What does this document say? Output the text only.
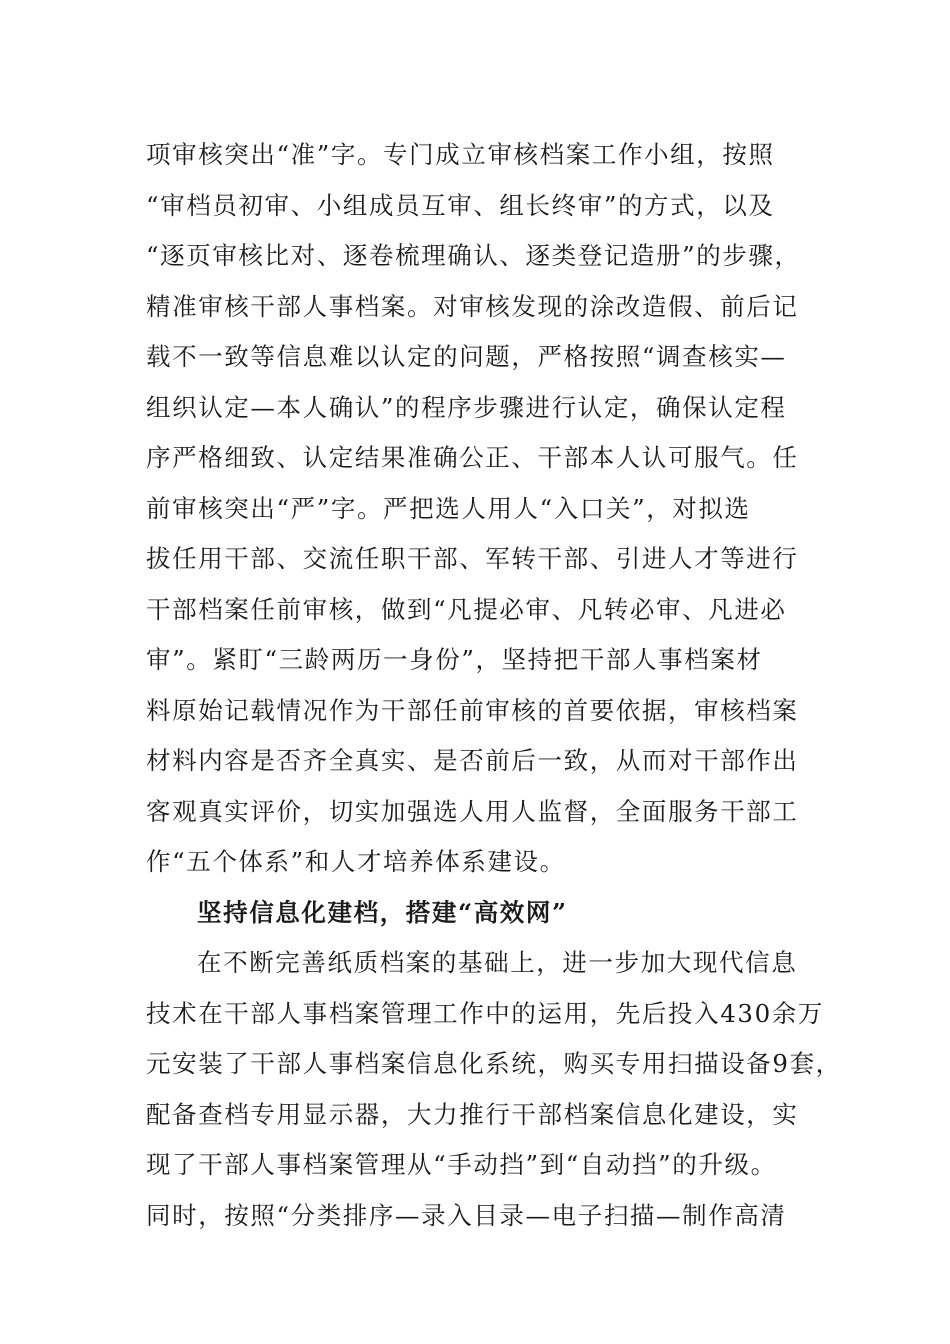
项审核突出“准”字。专门成立审核档案工作小组，按照
“审档员初审、小组成员互审、组长终审”的方式，以及
“逐页审核比对、逐卷梳理确认、逐类登记造册”的步骤，
精准审核干部人事档案。对审核发现的涂改造假、前后记
载不一致等信息难以认定的问题，严格按照“调查核实—
组织认定—本人确认”的程序步骤进行认定，确保认定程
序严格细致、认定结果准确公正、干部本人认可服气。任
前审核突出“严”字。严把选人用人“入口关”，对拟选
拔任用干部、交流任职干部、军转干部、引进人才等进行
干部档案任前审核，做到“凡提必审、凡转必审、凡进必
审”。紧盯“三龄两历一身份”，坚持把干部人事档案材
料原始记载情况作为干部任前审核的首要依据，审核档案
材料内容是否齐全真实、是否前后一致，从而对干部作出
客观真实评价，切实加强选人用人监督，全面服务干部工
作“五个体系”和人才培养体系建设。
坚持信息化建档，搭建“高效网”
在不断完善纸质档案的基础上，进一步加大现代信息
技术在干部人事档案管理工作中的运用，先后投入430余万
元安装了干部人事档案信息化系统，购买专用扫描设备9套，
配备查档专用显示器，大力推行干部档案信息化建设，实
现了干部人事档案管理从“手动挡”到“自动挡”的升级。
同时，按照“分类排序—录入目录—电子扫描—制作高清
